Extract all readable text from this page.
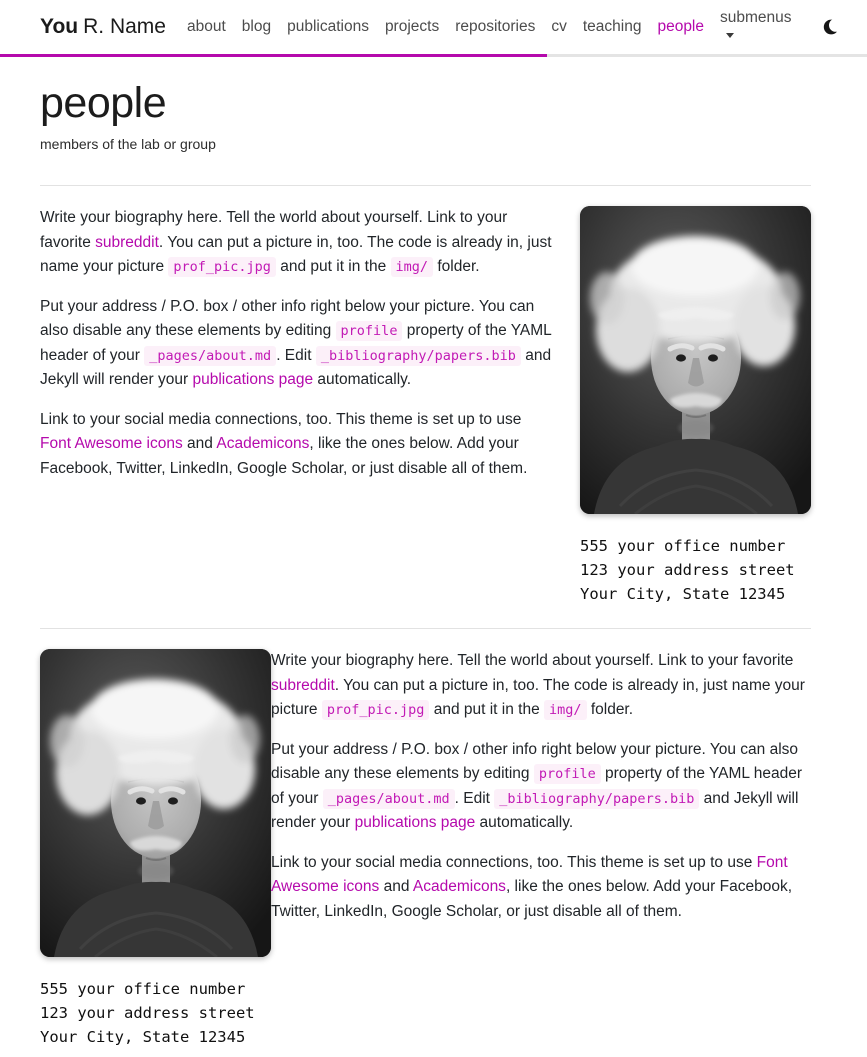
You R. Name	about	blog	publications	projects	repositories	cv	teaching	people
submenus
people

members of the lab or group

Write your biography here. Tell the world about yourself. Link to your favorite subreddit. You can put a picture in, too. The code is already in, just name your picture prof_pic.jpg and put it in the img/ folder.

Put your address / P.O. box / other info right below your picture. You can also disable any these elements by editing profile property of the YAML header of your _pages/about.md . Edit _bibliography/papers.bib and Jekyll will render your publications page automatically.

Link to your social media connections, too. This theme is set up to use Font Awesome icons and Academicons, like the ones below. Add your Facebook, Twitter, LinkedIn, Google Scholar, or just disable all of them.

555 your office number
123 your address street
Your City, State 12345
555 your office number
123 your address street
Your City, State 12345

Write your biography here. Tell the world about yourself. Link to your favorite subreddit. You can put a picture in, too. The code is already in, just name your picture prof_pic.jpg and put it in the img/ folder.

Put your address / P.O. box / other info right below your picture. You can also disable any these elements by editing profile property of the YAML header of your _pages/about.md . Edit _bibliography/papers.bib and Jekyll will render your publications page automatically.

Link to your social media connections, too. This theme is set up to use Font Awesome icons and Academicons, like the ones below. Add your Facebook, Twitter, LinkedIn, Google Scholar, or just disable all of them.
